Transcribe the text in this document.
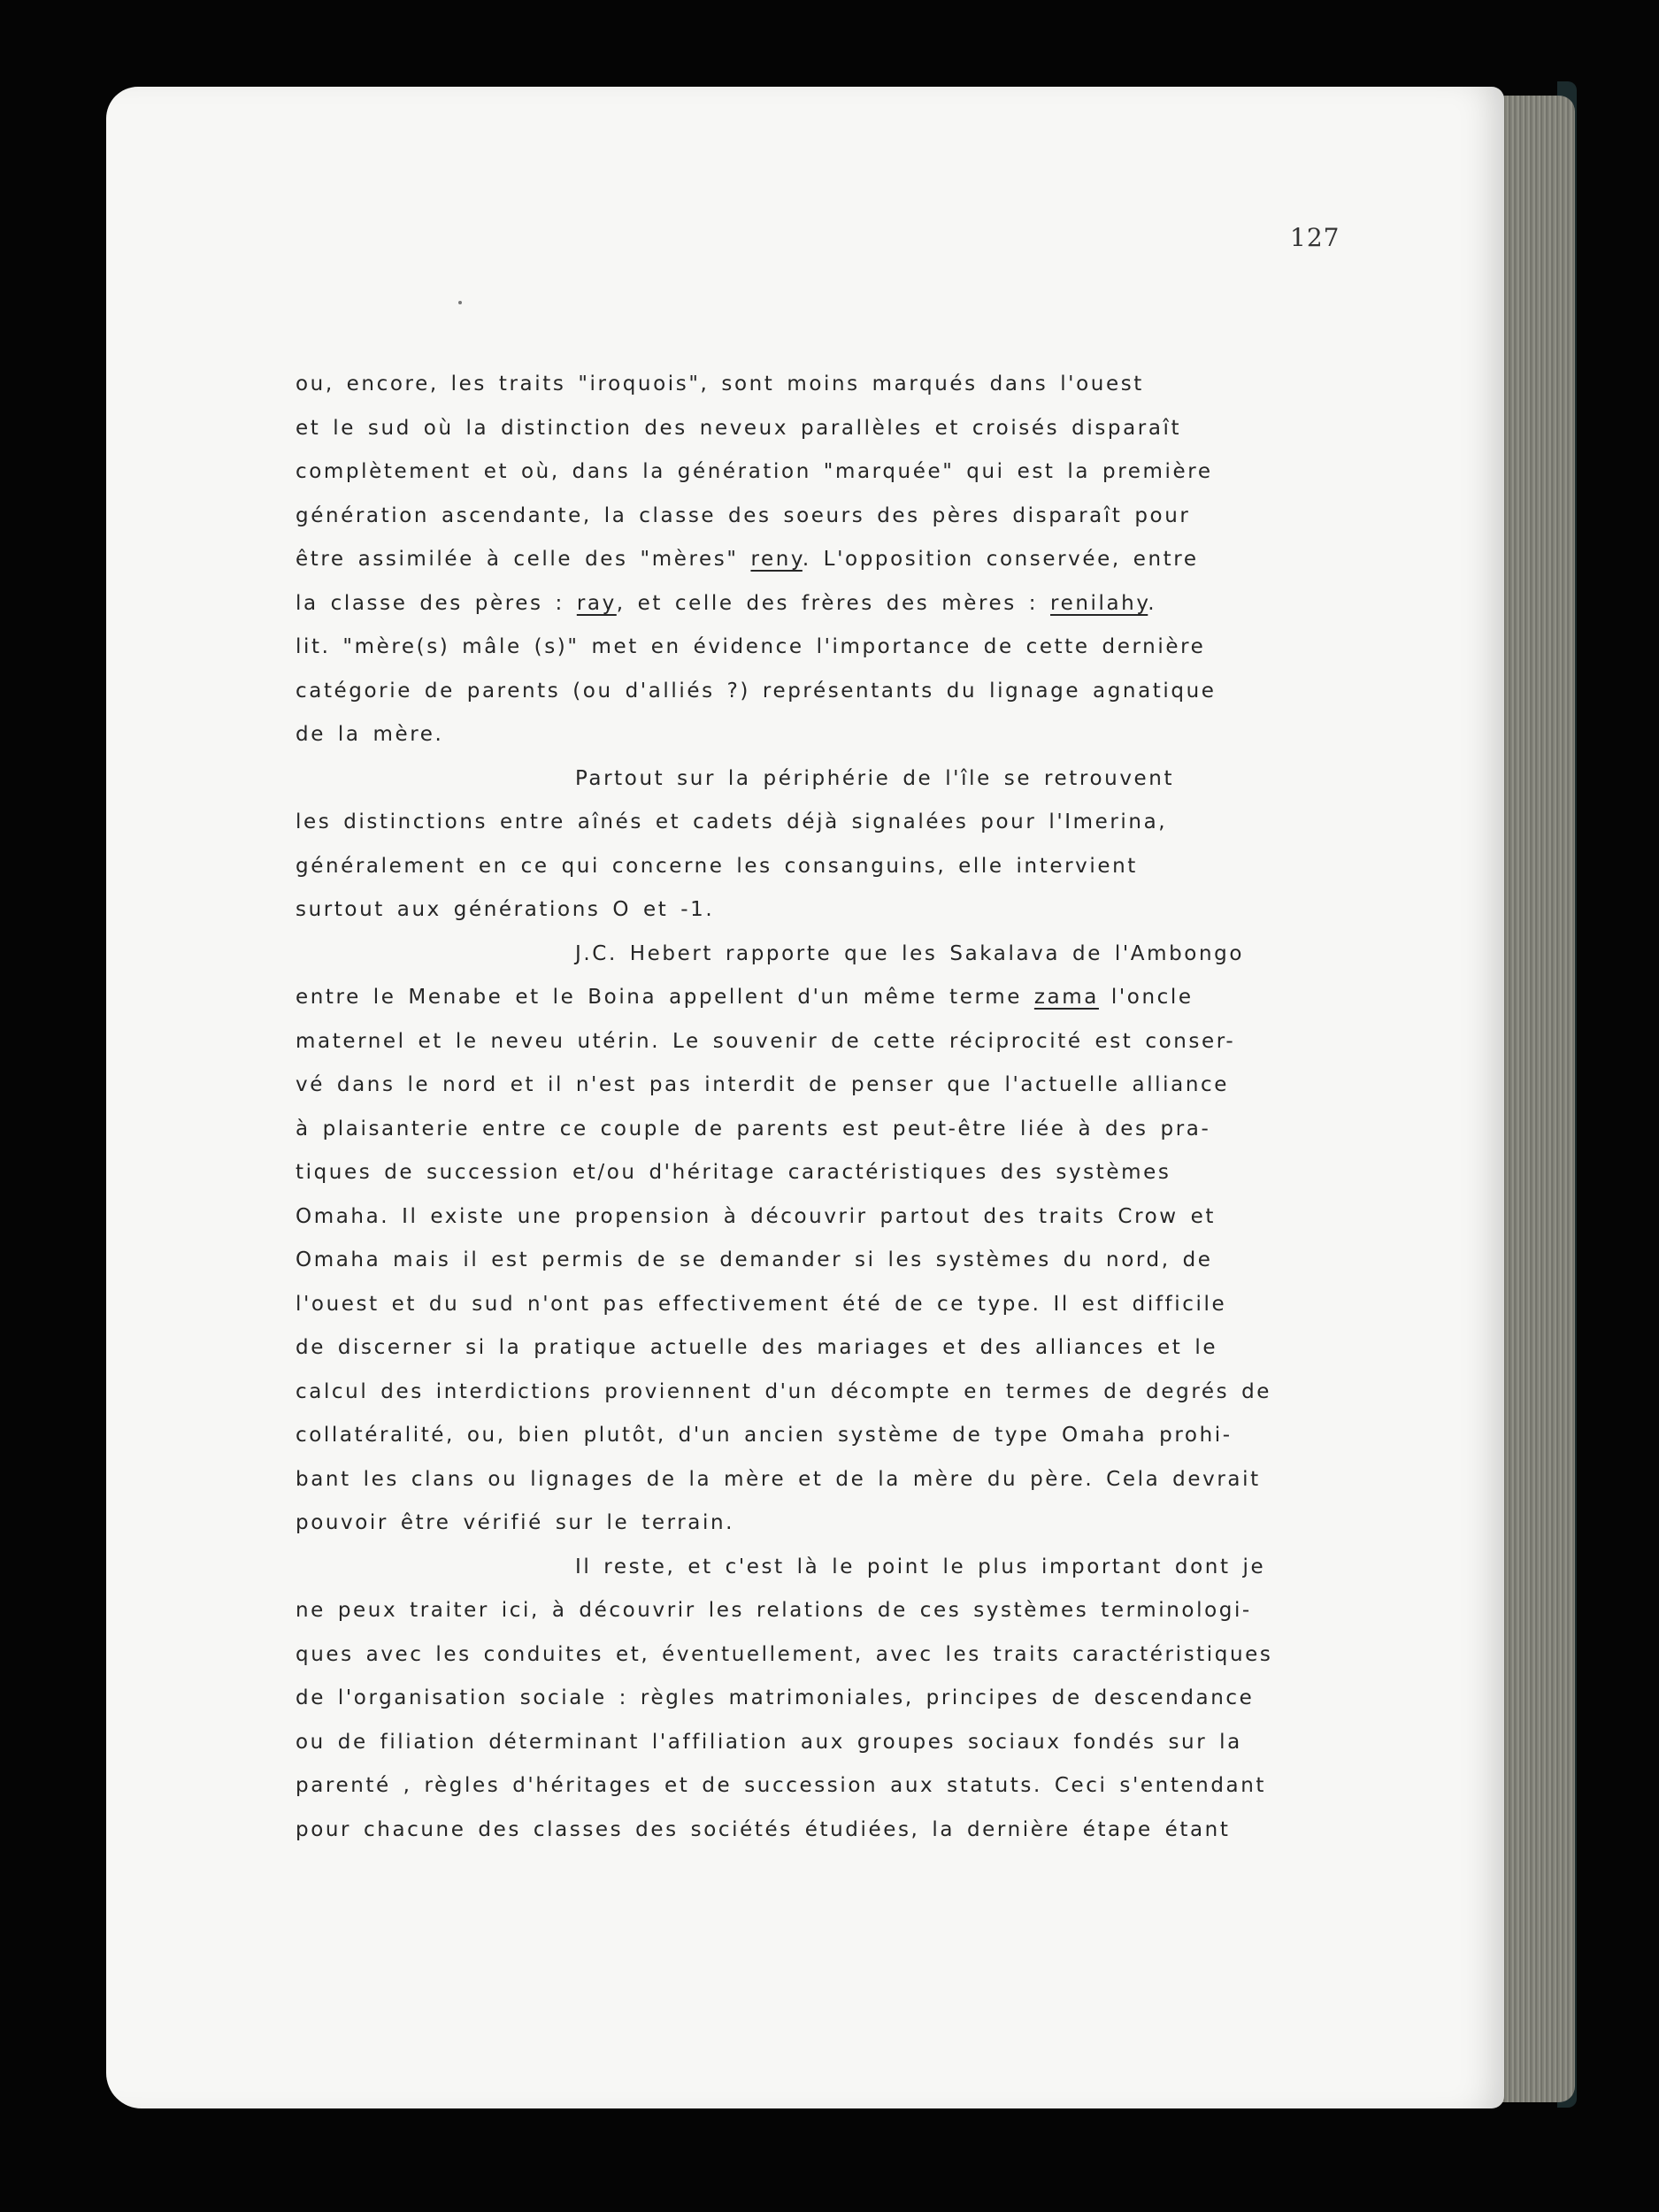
127
ou, encore, les traits "iroquois", sont moins marqués dans l'ouest
et le sud où la distinction des neveux parallèles et croisés disparaît
complètement et où, dans la génération "marquée" qui est la première
génération ascendante, la classe des soeurs des pères disparaît pour
être assimilée à celle des "mères" reny. L'opposition conservée, entre
la classe des pères : ray, et celle des frères des mères : renilahy.
lit. "mère(s) mâle (s)" met en évidence l'importance de cette dernière
catégorie de parents (ou d'alliés ?) représentants du lignage agnatique
de la mère.
Partout sur la périphérie de l'île se retrouvent
les distinctions entre aînés et cadets déjà signalées pour l'Imerina,
généralement en ce qui concerne les consanguins, elle intervient
surtout aux générations O et -1.
J.C. Hebert rapporte que les Sakalava de l'Ambongo
entre le Menabe et le Boina appellent d'un même terme zama l'oncle
maternel et le neveu utérin. Le souvenir de cette réciprocité est conser-
vé dans le nord et il n'est pas interdit de penser que l'actuelle alliance
à plaisanterie entre ce couple de parents est peut-être liée à des pra-
tiques de succession et/ou d'héritage caractéristiques des systèmes
Omaha. Il existe une propension à découvrir partout des traits Crow et
Omaha mais il est permis de se demander si les systèmes du nord, de
l'ouest et du sud n'ont pas effectivement été de ce type. Il est difficile
de discerner si la pratique actuelle des mariages et des alliances et le
calcul des interdictions proviennent d'un décompte en termes de degrés de
collatéralité, ou, bien plutôt, d'un ancien système de type Omaha prohi-
bant les clans ou lignages de la mère et de la mère du père. Cela devrait
pouvoir être vérifié sur le terrain.
Il reste, et c'est là le point le plus important dont je
ne peux traiter ici, à découvrir les relations de ces systèmes terminologi-
ques avec les conduites et, éventuellement, avec les traits caractéristiques
de l'organisation sociale : règles matrimoniales, principes de descendance
ou de filiation déterminant l'affiliation aux groupes sociaux fondés sur la
parenté , règles d'héritages et de succession aux statuts. Ceci s'entendant
pour chacune des classes des sociétés étudiées, la dernière étape étant
